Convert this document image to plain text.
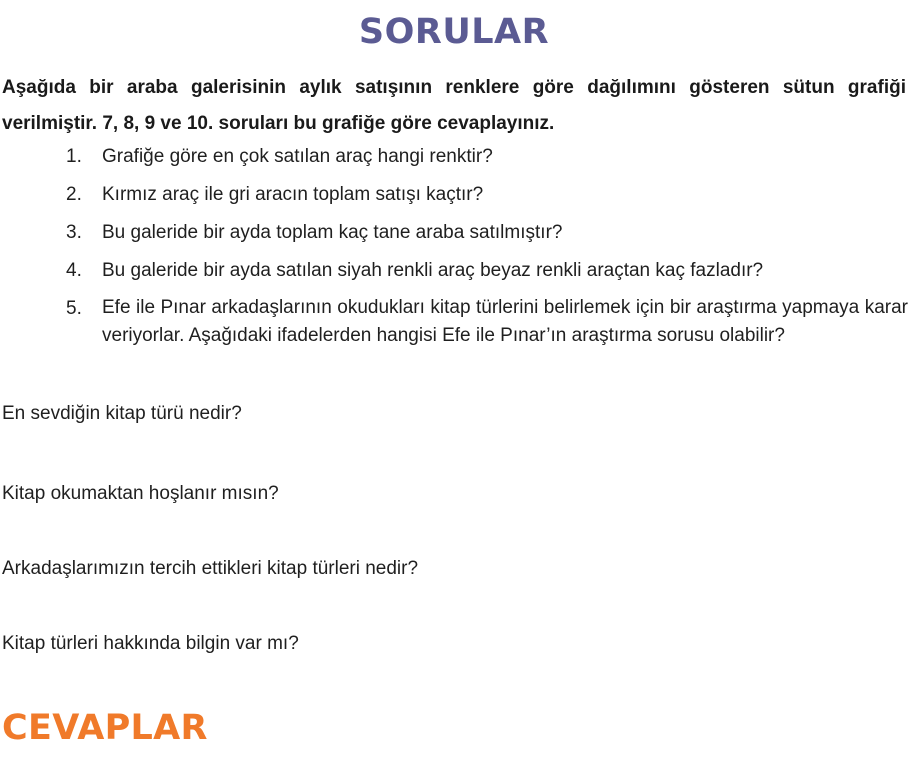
SORULAR
Aşağıda bir araba galerisinin aylık satışının renklere göre dağılımını gösteren sütun grafiği verilmiştir. 7, 8, 9 ve 10. soruları bu grafiğe göre cevaplayınız.
1.	Grafiğe göre en çok satılan araç hangi renktir?
2.	Kırmız araç ile gri aracın toplam satışı kaçtır?
3.	Bu galeride bir ayda toplam kaç tane araba satılmıştır?
4.	Bu galeride bir ayda satılan siyah renkli araç beyaz renkli araçtan kaç fazladır?
5.	Efe ile Pınar arkadaşlarının okudukları kitap türlerini belirlemek için bir araştırma yapmaya karar veriyorlar. Aşağıdaki ifadelerden hangisi Efe ile Pınar’ın araştırma sorusu olabilir?
En sevdiğin kitap türü nedir?
Kitap okumaktan hoşlanır mısın?
Arkadaşlarımızın tercih ettikleri kitap türleri nedir?
Kitap türleri hakkında bilgin var mı?
CEVAPLAR
